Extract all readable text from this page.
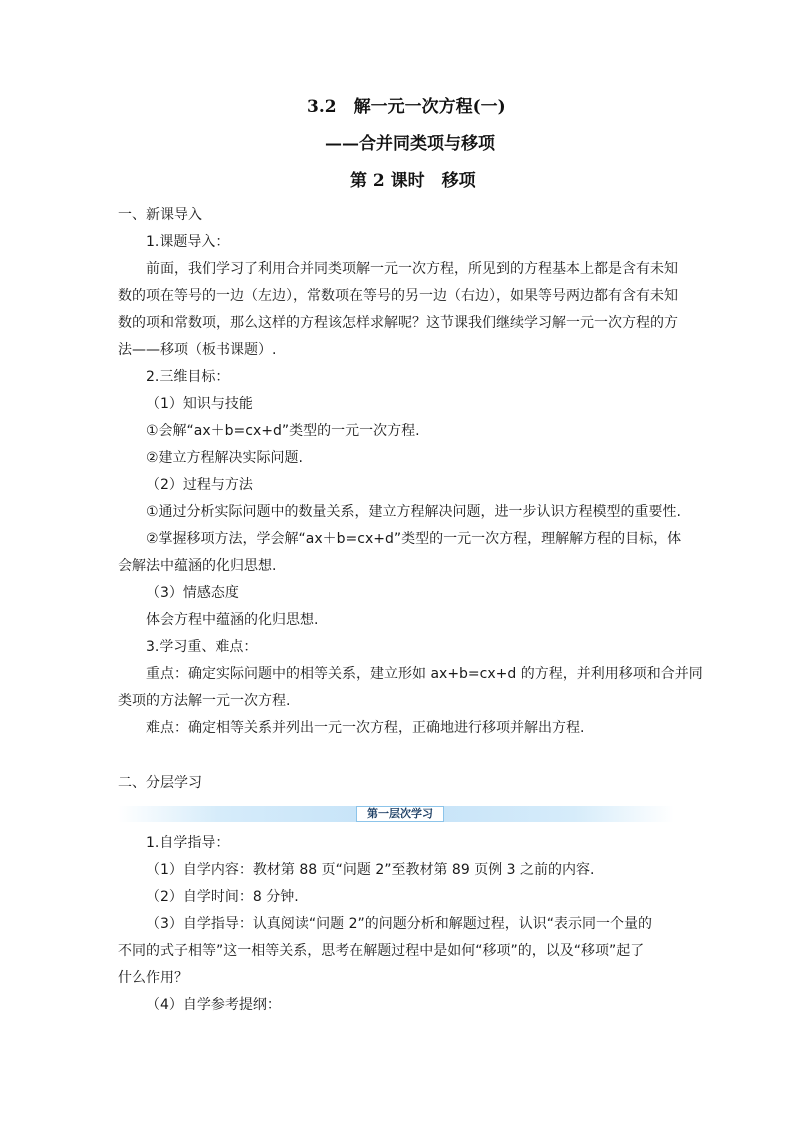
3.2　解一元一次方程(一)
——合并同类项与移项
第 2 课时　移项
一、新课导入
1.课题导入：
前面，我们学习了利用合并同类项解一元一次方程，所见到的方程基本上都是含有未知
数的项在等号的一边（左边），常数项在等号的另一边（右边），如果等号两边都有含有未知
数的项和常数项，那么这样的方程该怎样求解呢？这节课我们继续学习解一元一次方程的方
法——移项（板书课题）.
2.三维目标：
（1）知识与技能
①会解“ax＋b=cx+d”类型的一元一次方程.
②建立方程解决实际问题.
（2）过程与方法
①通过分析实际问题中的数量关系，建立方程解决问题，进一步认识方程模型的重要性.
②掌握移项方法，学会解“ax＋b=cx+d”类型的一元一次方程，理解解方程的目标，体
会解法中蕴涵的化归思想.
（3）情感态度
体会方程中蕴涵的化归思想.
3.学习重、难点：
重点：确定实际问题中的相等关系，建立形如 ax+b=cx+d 的方程，并利用移项和合并同
类项的方法解一元一次方程.
难点：确定相等关系并列出一元一次方程，正确地进行移项并解出方程.
二、分层学习
第一层次学习
1.自学指导：
（1）自学内容：教材第 88 页“问题 2”至教材第 89 页例 3 之前的内容.
（2）自学时间：8 分钟.
（3）自学指导：认真阅读“问题 2”的问题分析和解题过程，认识“表示同一个量的
不同的式子相等”这一相等关系，思考在解题过程中是如何“移项”的，以及“移项”起了
什么作用？
（4）自学参考提纲：
